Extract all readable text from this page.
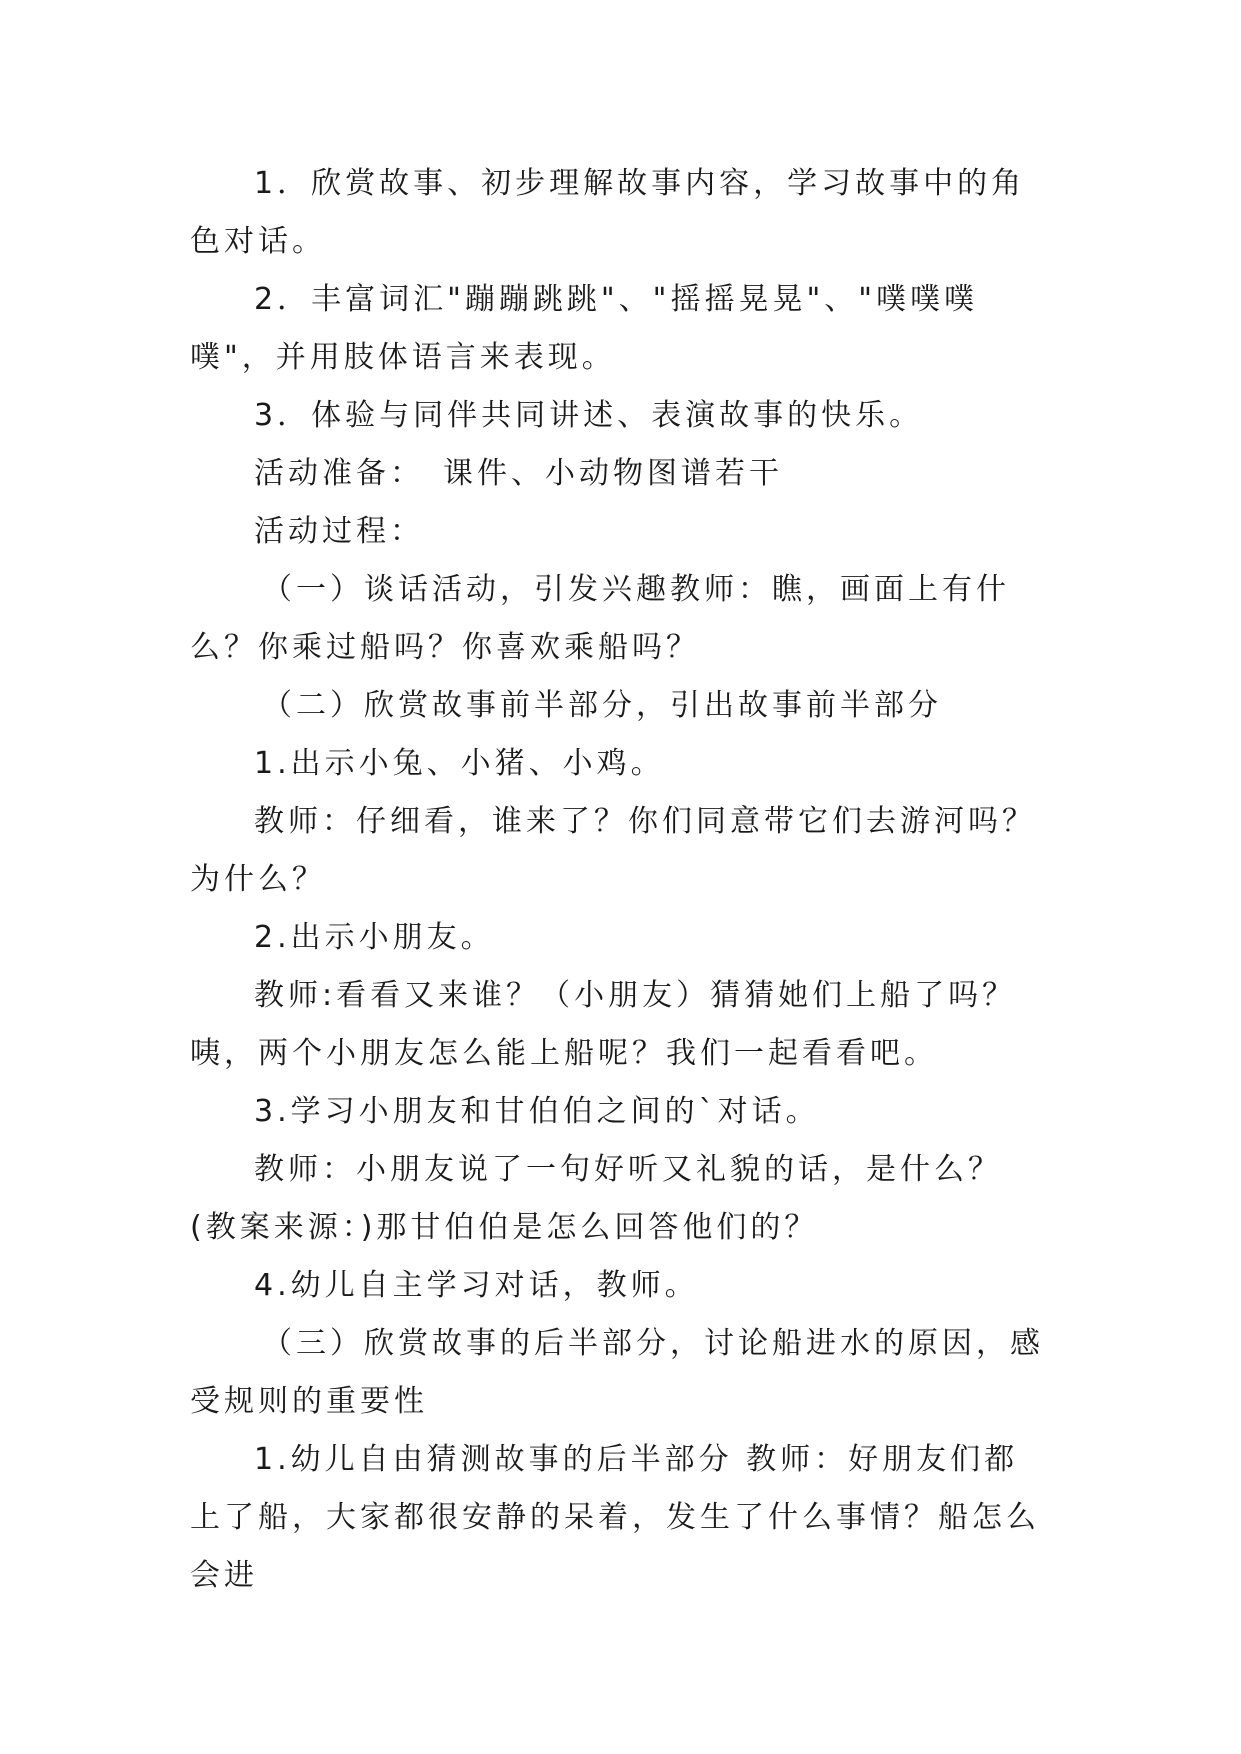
1．欣赏故事、初步理解故事内容，学习故事中的角色对话。

2．丰富词汇"蹦蹦跳跳"、"摇摇晃晃"、"噗噗噗噗"，并用肢体语言来表现。

3．体验与同伴共同讲述、表演故事的快乐。

活动准备：　课件、小动物图谱若干

活动过程：

（一）谈话活动，引发兴趣教师：瞧，画面上有什么？你乘过船吗？你喜欢乘船吗？

（二）欣赏故事前半部分，引出故事前半部分

1.出示小兔、小猪、小鸡。

教师：仔细看，谁来了？你们同意带它们去游河吗？为什么？

2.出示小朋友。

教师:看看又来谁？（小朋友）猜猜她们上船了吗？咦，两个小朋友怎么能上船呢？我们一起看看吧。

3.学习小朋友和甘伯伯之间的`对话。

教师：小朋友说了一句好听又礼貌的话，是什么？(教案来源：)那甘伯伯是怎么回答他们的？

4.幼儿自主学习对话，教师。

（三）欣赏故事的后半部分，讨论船进水的原因，感受规则的重要性

1.幼儿自由猜测故事的后半部分 教师：好朋友们都上了船，大家都很安静的呆着，发生了什么事情？船怎么会进
